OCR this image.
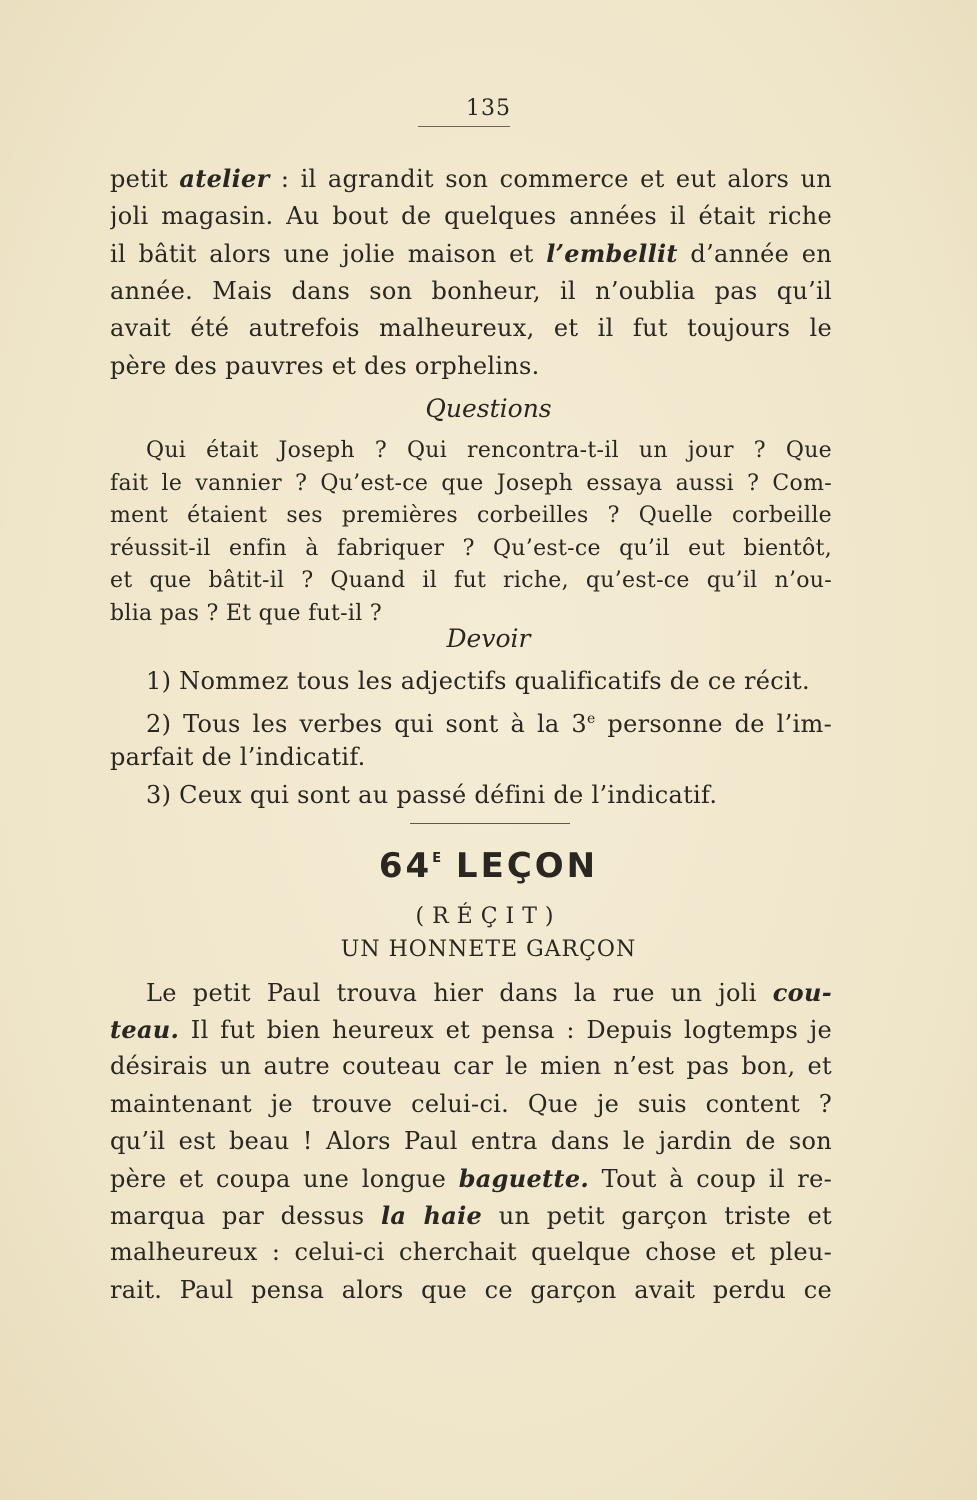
135
petit atelier : il agrandit son commerce et eut alors un
joli magasin. Au bout de quelques années il était riche
il bâtit alors une jolie maison et l’embellit d’année en
année. Mais dans son bonheur, il n’oublia pas qu’il
avait été autrefois malheureux, et il fut toujours le
père des pauvres et des orphelins.
Questions
Qui était Joseph ? Qui rencontra-t-il un jour ? Que
fait le vannier ? Qu’est-ce que Joseph essaya aussi ? Com-
ment étaient ses premières corbeilles ? Quelle corbeille
réussit-il enfin à fabriquer ? Qu’est-ce qu’il eut bientôt,
et que bâtit-il ? Quand il fut riche, qu’est-ce qu’il n’ou-
blia pas ? Et que fut-il ?
Devoir
1) Nommez tous les adjectifs qualificatifs de ce récit.
2) Tous les verbes qui sont à la 3e personne de l’im-
parfait de l’indicatif.
3) Ceux qui sont au passé défini de l’indicatif.
$64^E$ LEÇON
(RÉÇIT)
UN HONNETE GARÇON
Le petit Paul trouva hier dans la rue un joli cou-
teau. Il fut bien heureux et pensa : Depuis logtemps je
désirais un autre couteau car le mien n’est pas bon, et
maintenant je trouve celui-ci. Que je suis content ?
qu’il est beau ! Alors Paul entra dans le jardin de son
père et coupa une longue baguette. Tout à coup il re-
marqua par dessus la haie un petit garçon triste et
malheureux : celui-ci cherchait quelque chose et pleu-
rait. Paul pensa alors que ce garçon avait perdu ce
